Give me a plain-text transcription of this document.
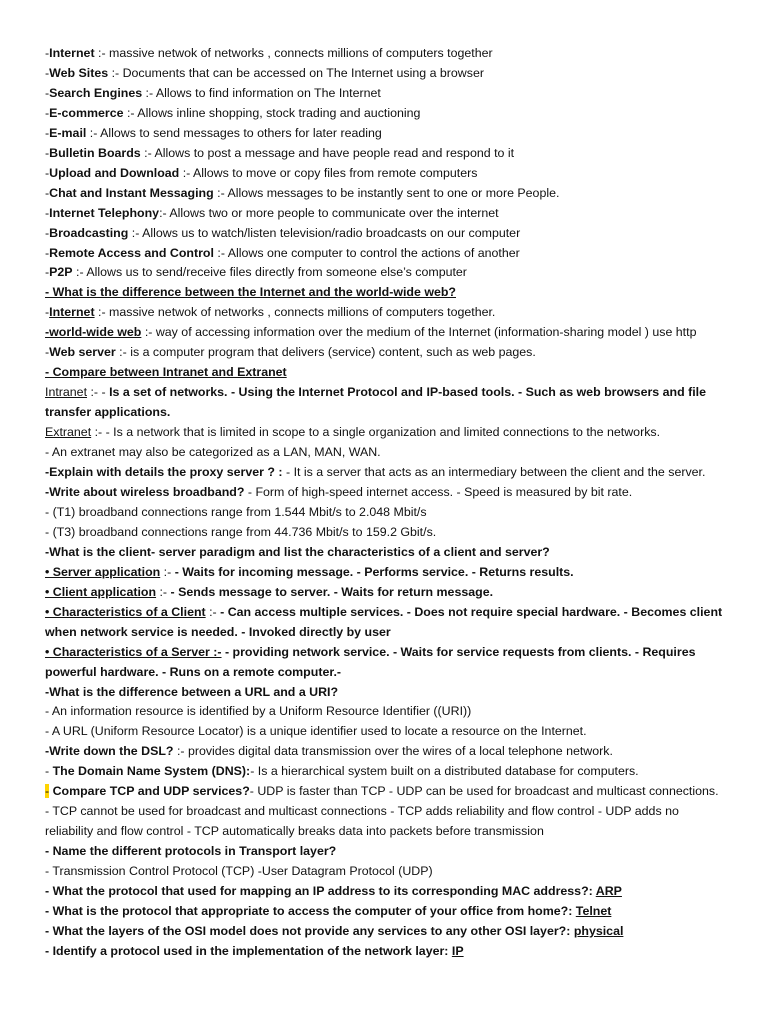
-Internet :- massive netwok of networks , connects millions of computers together
-Web Sites :- Documents that can be accessed on The Internet using a browser
-Search Engines :- Allows to find information on The Internet
-E-commerce :- Allows inline shopping, stock trading and auctioning
-E-mail :- Allows to send messages to others for later reading
-Bulletin Boards :- Allows to post a message and have people read and respond to it
-Upload and Download :- Allows to move or copy files from remote computers
-Chat and Instant Messaging :- Allows messages to be instantly sent to one or more People.
-Internet Telephony:- Allows two or more people to communicate over the internet
-Broadcasting :- Allows us to watch/listen television/radio broadcasts on our computer
-Remote Access and Control :- Allows one computer to control the actions of another
-P2P :- Allows us to send/receive files directly from someone else’s computer
- What is the difference between the Internet and the world-wide web?
-Internet :- massive netwok of networks , connects millions of computers together.
-world-wide web :- way of accessing information over the medium of the Internet (information-sharing model ) use http
-Web server :- is a computer program that delivers (service) content, such as web pages.
- Compare between Intranet and Extranet
Intranet :- - Is a set of networks. - Using the Internet Protocol and IP-based tools. - Such as web browsers and file
transfer applications.
Extranet :- - Is a network that is limited in scope to a single organization and limited connections to the networks.
- An extranet may also be categorized as a LAN, MAN, WAN.
-Explain with details the proxy server ? : - It is a server that acts as an intermediary between the client and the server.
-Write about wireless broadband? - Form of high-speed internet access. - Speed is measured by bit rate.
- (T1) broadband connections range from 1.544 Mbit/s to 2.048 Mbit/s
- (T3) broadband connections range from 44.736 Mbit/s to 159.2 Gbit/s.
-What is the client- server paradigm and list the characteristics of a client and server?
• Server application :- - Waits for incoming message. - Performs service. - Returns results.
• Client application :- - Sends message to server. - Waits for return message.
• Characteristics of a Client :- - Can access multiple services. - Does not require special hardware. - Becomes client
when network service is needed. - Invoked directly by user
• Characteristics of a Server :- - providing network service. - Waits for service requests from clients. - Requires
powerful hardware. - Runs on a remote computer.-
-What is the difference between a URL and a URI?
- An information resource is identified by a Uniform Resource Identifier ((URI))
- A URL (Uniform Resource Locator) is a unique identifier used to locate a resource on the Internet.
-Write down the DSL? :- provides digital data transmission over the wires of a local telephone network.
- The Domain Name System (DNS):- Is a hierarchical system built on a distributed database for computers.
- Compare TCP and UDP services?- UDP is faster than TCP - UDP can be used for broadcast and multicast connections.
- TCP cannot be used for broadcast and multicast connections - TCP adds reliability and flow control - UDP adds no
reliability and flow control - TCP automatically breaks data into packets before transmission
- Name the different protocols in Transport layer?
- Transmission Control Protocol (TCP) -User Datagram Protocol (UDP)
- What the protocol that used for mapping an IP address to its corresponding MAC address?: ARP
- What is the protocol that appropriate to access the computer of your office from home?: Telnet
- What the layers of the OSI model does not provide any services to any other OSI layer?: physical
- Identify a protocol used in the implementation of the network layer: IP
